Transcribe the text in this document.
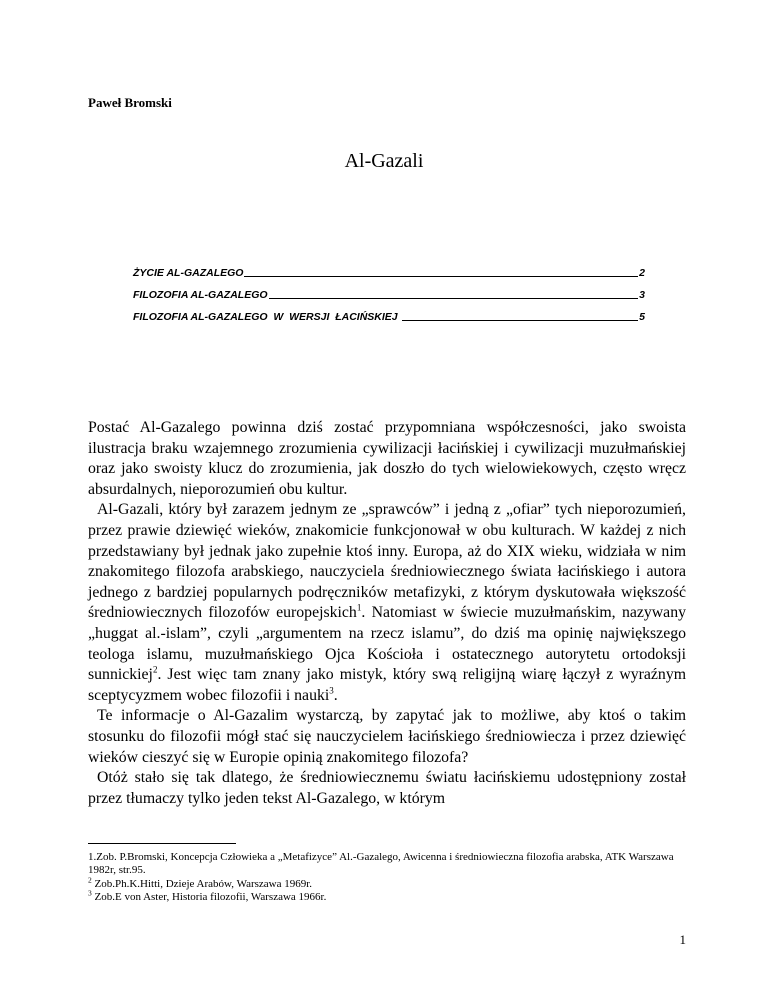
Paweł Bromski
Al-Gazali
ŻYCIE AL-GAZALEGO	2
FILOZOFIA AL-GAZALEGO	3
FILOZOFIA AL-GAZALEGO  W  WERSJI  ŁACIŃSKIEJ	5

Postać Al-Gazalego powinna dziś zostać przypomniana współczesności, jako swoista ilustracja braku wzajemnego zrozumienia cywilizacji łacińskiej i cywilizacji muzułmańskiej oraz jako swoisty klucz do zrozumienia, jak doszło do tych wielowiekowych, często wręcz absurdalnych, nieporozumień obu kultur.

Al-Gazali, który był zarazem jednym ze „sprawców” i jedną z „ofiar” tych nieporozumień, przez prawie dziewięć wieków, znakomicie funkcjonował w obu kulturach. W każdej z nich przedstawiany był jednak jako zupełnie ktoś inny. Europa, aż do XIX wieku, widziała w nim znakomitego filozofa arabskiego, nauczyciela średniowiecznego świata łacińskiego i autora jednego z bardziej popularnych podręczników metafizyki, z którym dyskutowała większość średniowiecznych filozofów europejskich$^1$. Natomiast w świecie muzułmańskim, nazywany „huggat al.-islam”, czyli „argumentem na rzecz islamu”, do dziś ma opinię największego teologa islamu, muzułmańskiego Ojca Kościoła i ostatecznego autorytetu ortodoksji sunnickiej$^2$. Jest więc tam znany jako mistyk, który swą religijną wiarę łączył z wyraźnym sceptycyzmem wobec filozofii i nauki$^3$.

Te informacje o Al-Gazalim wystarczą, by zapytać jak to możliwe, aby ktoś o takim stosunku do filozofii mógł stać się nauczycielem łacińskiego średniowiecza i przez dziewięć wieków cieszyć się w Europie opinią znakomitego filozofa?

Otóż stało się tak dlatego, że średniowiecznemu światu łacińskiemu udostępniony został przez tłumaczy tylko jeden tekst Al-Gazalego, w którym

1.Zob. P.Bromski, Koncepcja Człowieka a „Metafizyce” Al.-Gazalego, Awicenna i średniowieczna filozofia arabska, ATK Warszawa 1982r, str.95.

$^2$ Zob.Ph.K.Hitti, Dzieje Arabów, Warszawa 1969r.

$^3$ Zob.E von Aster, Historia filozofii, Warszawa 1966r.

1
